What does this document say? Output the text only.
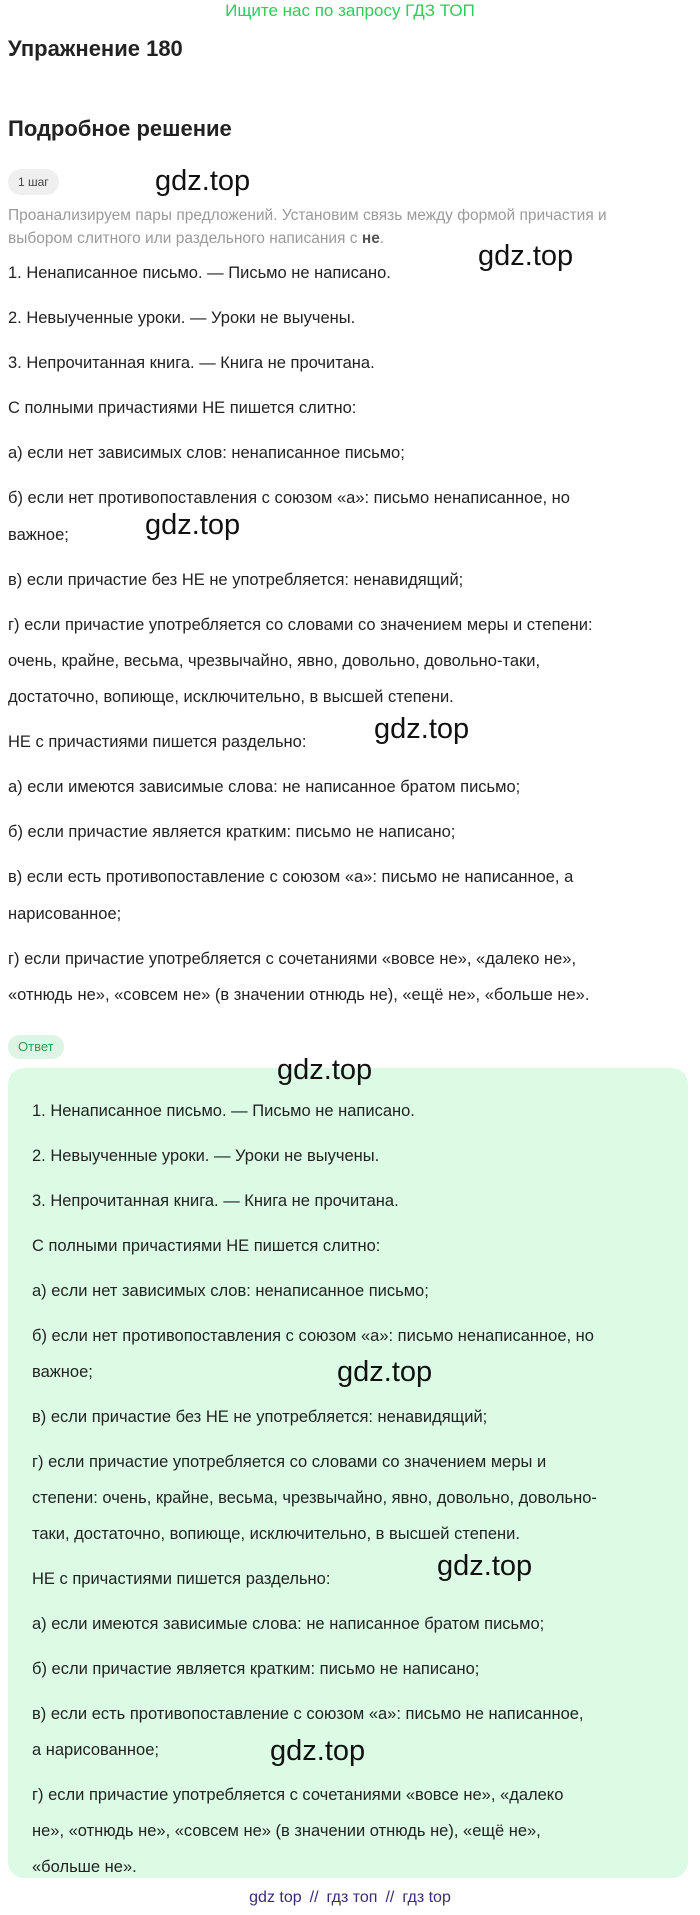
Ищите нас по запросу ГДЗ ТОП
Упражнение 180
Подробное решение
1 шаг	gdz.top
Проанализируем пары предложений. Установим связь между формой причастия и выбором слитного или раздельного написания с не.
1. Ненаписанное письмо. — Письмо не написано.
gdz.top
2. Невыученные уроки. — Уроки не выучены.
3. Непрочитанная книга. — Книга не прочитана.
С полными причастиями НЕ пишется слитно:
а) если нет зависимых слов: ненаписанное письмо;
б) если нет противопоставления с союзом «а»: письмо ненаписанное, но
важное;	gdz.top
в) если причастие без НЕ не употребляется: ненавидящий;
г) если причастие употребляется со словами со значением меры и степени:
очень, крайне, весьма, чрезвычайно, явно, довольно, довольно-таки,
достаточно, вопиюще, исключительно, в высшей степени.
НЕ с причастиями пишется раздельно: gdz.top
а) если имеются зависимые слова: не написанное братом письмо;
б) если причастие является кратким: письмо не написано;
в) если есть противопоставление с союзом «а»: письмо не написанное, а
нарисованное;
г) если причастие употребляется с сочетаниями «вовсе не», «далеко не»,
«отнюдь не», «совсем не» (в значении отнюдь не), «ещё не», «больше не».
Ответ
gdz.top
1. Ненаписанное письмо. — Письмо не написано.
2. Невыученные уроки. — Уроки не выучены.
3. Непрочитанная книга. — Книга не прочитана.
С полными причастиями НЕ пишется слитно:
а) если нет зависимых слов: ненаписанное письмо;
б) если нет противопоставления с союзом «а»: письмо ненаписанное, но
важное;	gdz.top
в) если причастие без НЕ не употребляется: ненавидящий;
г) если причастие употребляется со словами со значением меры и
степени: очень, крайне, весьма, чрезвычайно, явно, довольно, довольно-
таки, достаточно, вопиюще, исключительно, в высшей степени.
НЕ с причастиями пишется раздельно:	gdz.top
а) если имеются зависимые слова: не написанное братом письмо;
б) если причастие является кратким: письмо не написано;
в) если есть противопоставление с союзом «а»: письмо не написанное,
а нарисованное;	gdz.top
г) если причастие употребляется с сочетаниями «вовсе не», «далеко
не», «отнюдь не», «совсем не» (в значении отнюдь не), «ещё не»,
«больше не».
gdz top // гдз топ // гдз top
